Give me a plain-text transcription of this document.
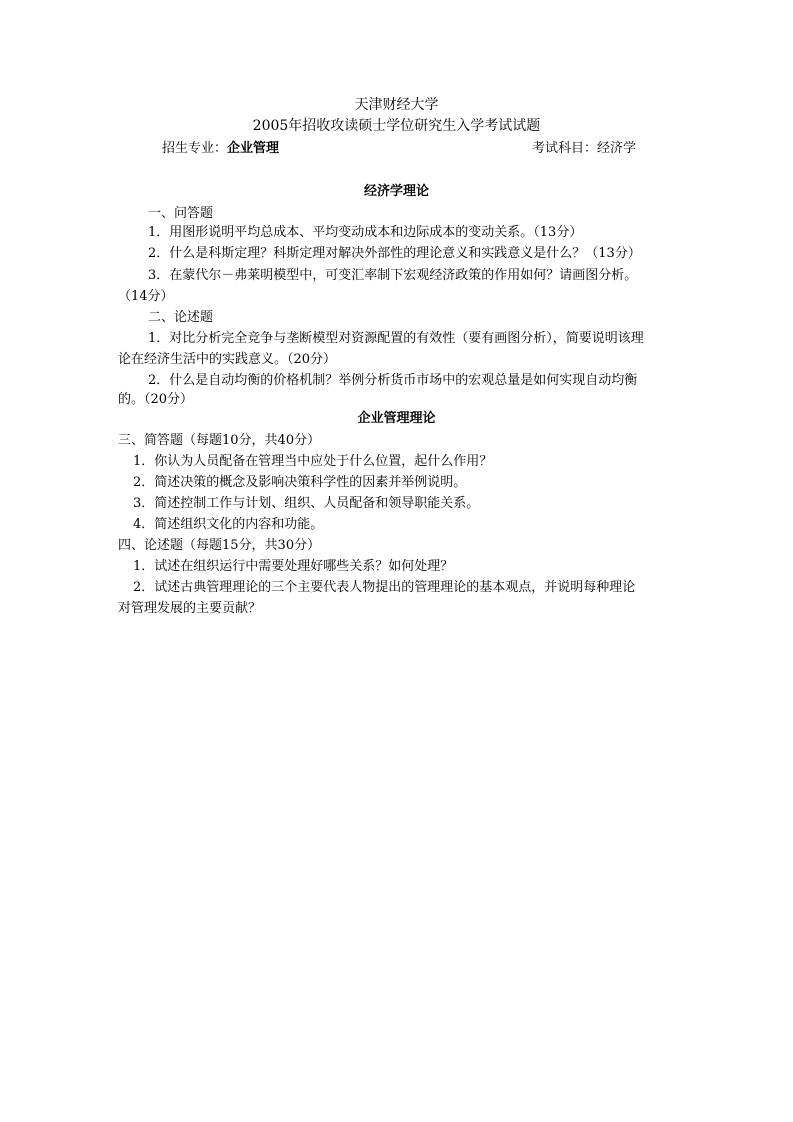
天津财经大学
2005年招收攻读硕士学位研究生入学考试试题
招生专业：企业管理	考试科目：经济学
经济学理论
一、问答题
1．用图形说明平均总成本、平均变动成本和边际成本的变动关系。（13分）
2．什么是科斯定理？科斯定理对解决外部性的理论意义和实践意义是什么？（13分）
3．在蒙代尔－弗莱明模型中，可变汇率制下宏观经济政策的作用如何？请画图分析。
（14分）
二、论述题
1．对比分析完全竞争与垄断模型对资源配置的有效性（要有画图分析），简要说明该理
论在经济生活中的实践意义。（20分）
2．什么是自动均衡的价格机制？举例分析货币市场中的宏观总量是如何实现自动均衡
的。（20分）
企业管理理论
三、简答题（每题10分，共40分）
1．你认为人员配备在管理当中应处于什么位置，起什么作用？
2．简述决策的概念及影响决策科学性的因素并举例说明。
3．简述控制工作与计划、组织、人员配备和领导职能关系。
4．简述组织文化的内容和功能。
四、论述题（每题15分，共30分）
1．试述在组织运行中需要处理好哪些关系？如何处理？
2．试述古典管理理论的三个主要代表人物提出的管理理论的基本观点，并说明每种理论
对管理发展的主要贡献？
